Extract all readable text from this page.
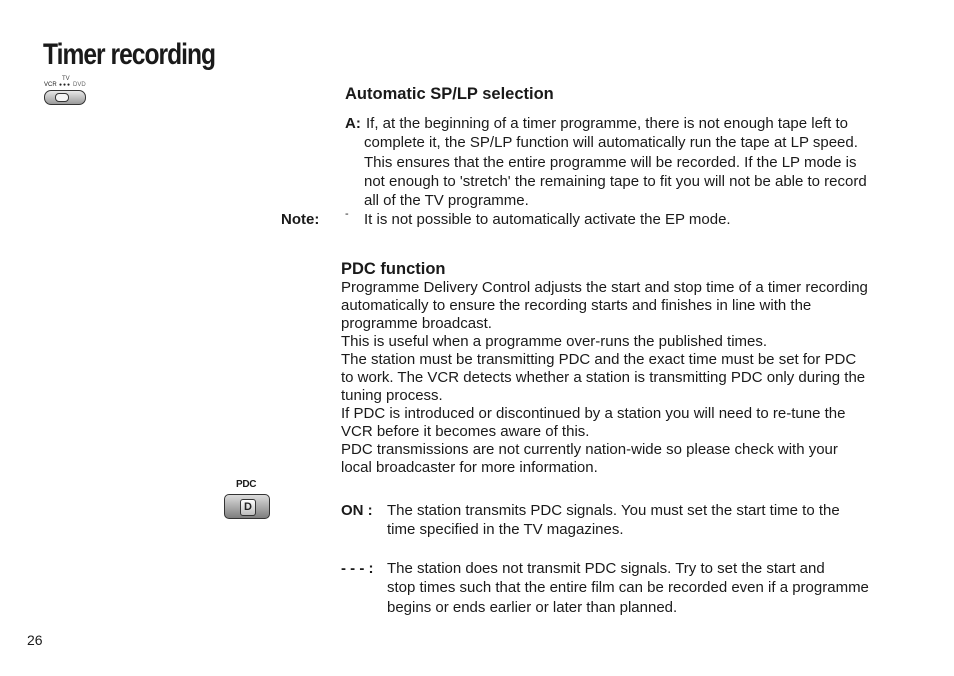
Timer recording
TV
VCR ●●● DVD	Automatic SP/LP selection
A: If, at the beginning of a timer programme, there is not enough tape left to
complete it, the SP/LP function will automatically run the tape at LP speed.
This ensures that the entire programme will be recorded. If the LP mode is
not enough to 'stretch' the remaining tape to fit you will not be able to record
all of the TV programme.
Note: - It is not possible to automatically activate the EP mode.
PDC function
Programme Delivery Control adjusts the start and stop time of a timer recording
automatically to ensure the recording starts and finishes in line with the
programme broadcast.
This is useful when a programme over-runs the published times.
The station must be transmitting PDC and the exact time must be set for PDC
to work. The VCR detects whether a station is transmitting PDC only during the
tuning process.
If PDC is introduced or discontinued by a station you will need to re-tune the
VCR before it becomes aware of this.
PDC transmissions are not currently nation-wide so please check with your
local broadcaster for more information.
PDC
D	ON : The station transmits PDC signals. You must set the start time to the
time specified in the TV magazines.
- - - : The station does not transmit PDC signals. Try to set the start and
stop times such that the entire film can be recorded even if a programme
begins or ends earlier or later than planned.
26
